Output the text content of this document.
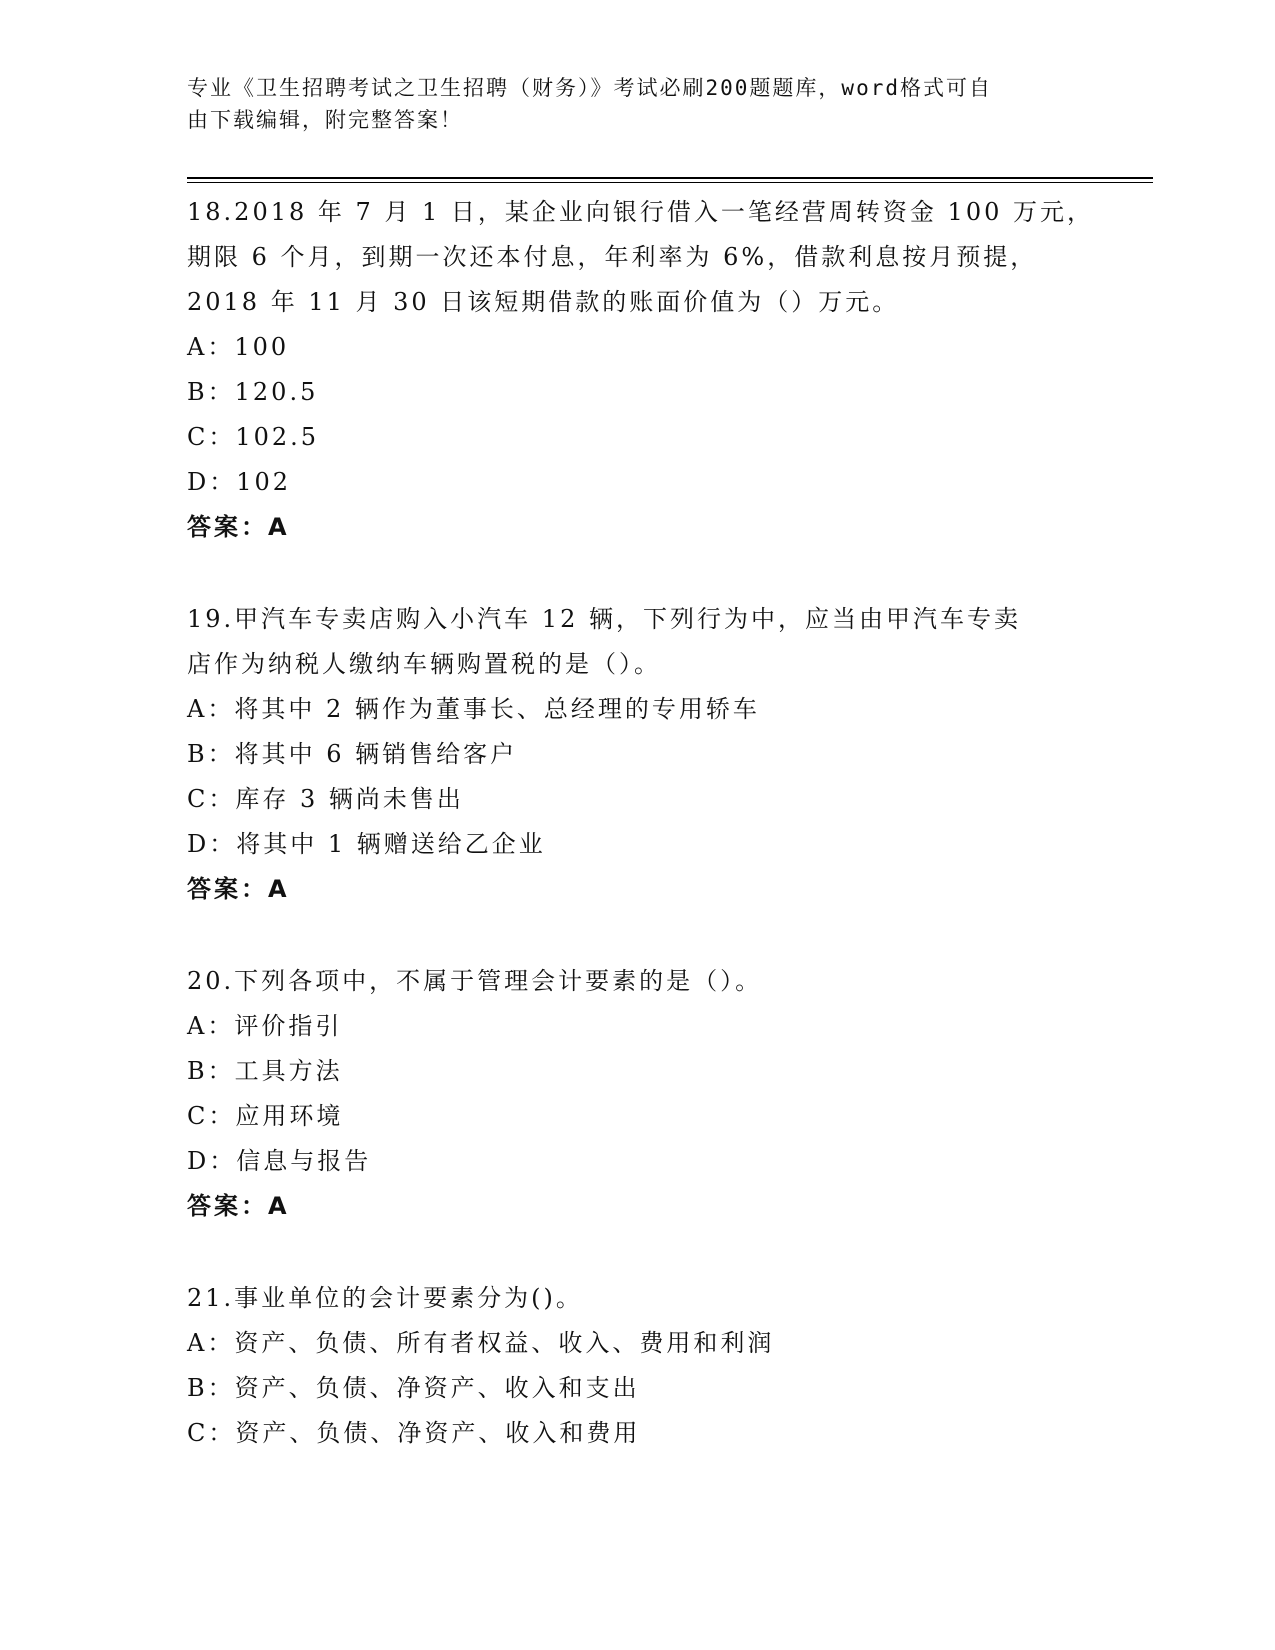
专业《卫生招聘考试之卫生招聘（财务）》考试必刷200题题库，word格式可自
由下载编辑，附完整答案！
18.2018 年 7 月 1 日，某企业向银行借入一笔经营周转资金 100 万元，
期限 6 个月，到期一次还本付息，年利率为 6%，借款利息按月预提，
2018 年 11 月 30 日该短期借款的账面价值为（）万元。
A：100
B：120.5
C：102.5
D：102
答案：A
19.甲汽车专卖店购入小汽车 12 辆，下列行为中，应当由甲汽车专卖
店作为纳税人缴纳车辆购置税的是（）。
A：将其中 2 辆作为董事长、总经理的专用轿车
B：将其中 6 辆销售给客户
C：库存 3 辆尚未售出
D：将其中 1 辆赠送给乙企业
答案：A
20.下列各项中，不属于管理会计要素的是（）。
A：评价指引
B：工具方法
C：应用环境
D：信息与报告
答案：A
21.事业单位的会计要素分为()。
A：资产、负债、所有者权益、收入、费用和利润
B：资产、负债、净资产、收入和支出
C：资产、负债、净资产、收入和费用
